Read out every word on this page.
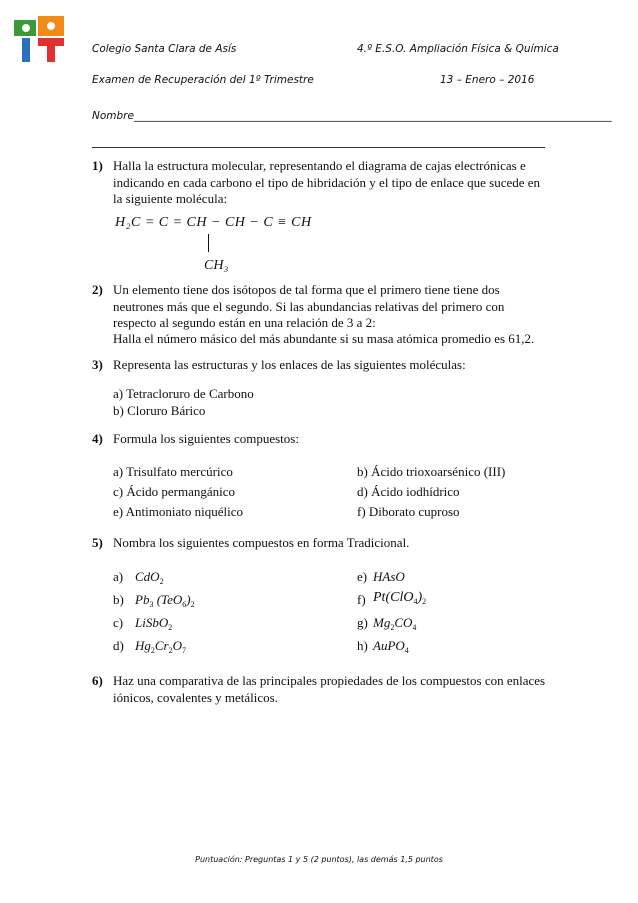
Colegio Santa Clara de Asís	4.º E.S.O. Ampliación Física & Química
Examen de Recuperación del 1º Trimestre	13 – Enero – 2016
Nombre___________________________________________________________________________________________
1) Halla la estructura molecular, representando el diagrama de cajas electrónicas e indicando en cada carbono el tipo de hibridación y el tipo de enlace que sucede en la siguiente molécula:
H₂C = C = CH − CH − C ≡ CH
CH₃
2) Un elemento tiene dos isótopos de tal forma que el primero tiene tiene dos neutrones más que el segundo. Si las abundancias relativas del primero con respecto al segundo están en una relación de 3 a 2:
Halla el número másico del más abundante si su masa atómica promedio es 61,2.
3) Representa las estructuras y los enlaces de las siguientes moléculas:
a) Tetracloruro de Carbono
b) Cloruro Bárico
4) Formula los siguientes compuestos:
a) Trisulfato mercúrico	b) Ácido trioxoarsénico (III)
c) Ácido permangánico	d) Ácido iodhídrico
e) Antimoniato niquélico	f) Diborato cuproso
5) Nombra los siguientes compuestos en forma Tradicional.
a) CdO$_2$	e) HAsO
b) $Pb_3$ $(TeO_6)_2$	f) $Pt(ClO_4)_2$
c) LiSbO$_2$	g) $Mg_2CO_4$
d) $Hg_2Cr_2O_7$	h) AuPO$_4$
6) Haz una comparativa de las principales propiedades de los compuestos con enlaces iónicos, covalentes y metálicos.
Puntuación: Preguntas 1 y 5 (2 puntos), las demás 1,5 puntos
